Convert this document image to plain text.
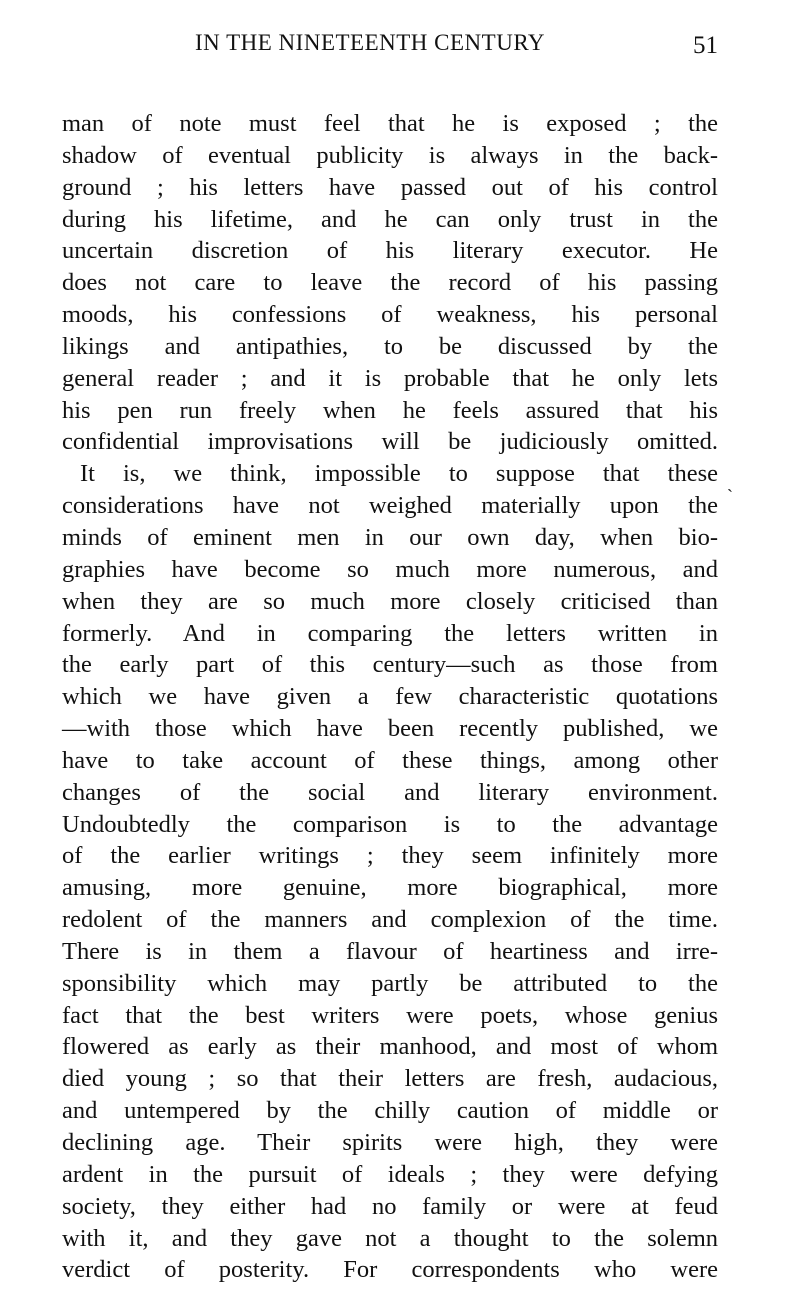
IN THE NINETEENTH CENTURY	51
man of note must feel that he is exposed ; the
shadow of eventual publicity is always in the back-
ground ; his letters have passed out of his control
during his lifetime, and he can only trust in the
uncertain discretion of his literary executor. He
does not care to leave the record of his passing
moods, his confessions of weakness, his personal
likings and antipathies, to be discussed by the
general reader ; and it is probable that he only lets
his pen run freely when he feels assured that his
confidential improvisations will be judiciously omitted.
It is, we think, impossible to suppose that these
considerations have not weighed materially upon the
minds of eminent men in our own day, when bio-
graphies have become so much more numerous, and
when they are so much more closely criticised than
formerly. And in comparing the letters written in
the early part of this century—such as those from
which we have given a few characteristic quotations
—with those which have been recently published, we
have to take account of these things, among other
changes of the social and literary environment.
Undoubtedly the comparison is to the advantage
of the earlier writings ; they seem infinitely more
amusing, more genuine, more biographical, more
redolent of the manners and complexion of the time.
There is in them a flavour of heartiness and irre-
sponsibility which may partly be attributed to the
fact that the best writers were poets, whose genius
flowered as early as their manhood, and most of whom
died young ; so that their letters are fresh, audacious,
and untempered by the chilly caution of middle or
declining age. Their spirits were high, they were
ardent in the pursuit of ideals ; they were defying
society, they either had no family or were at feud
with it, and they gave not a thought to the solemn
verdict of posterity. For correspondents who were
`
